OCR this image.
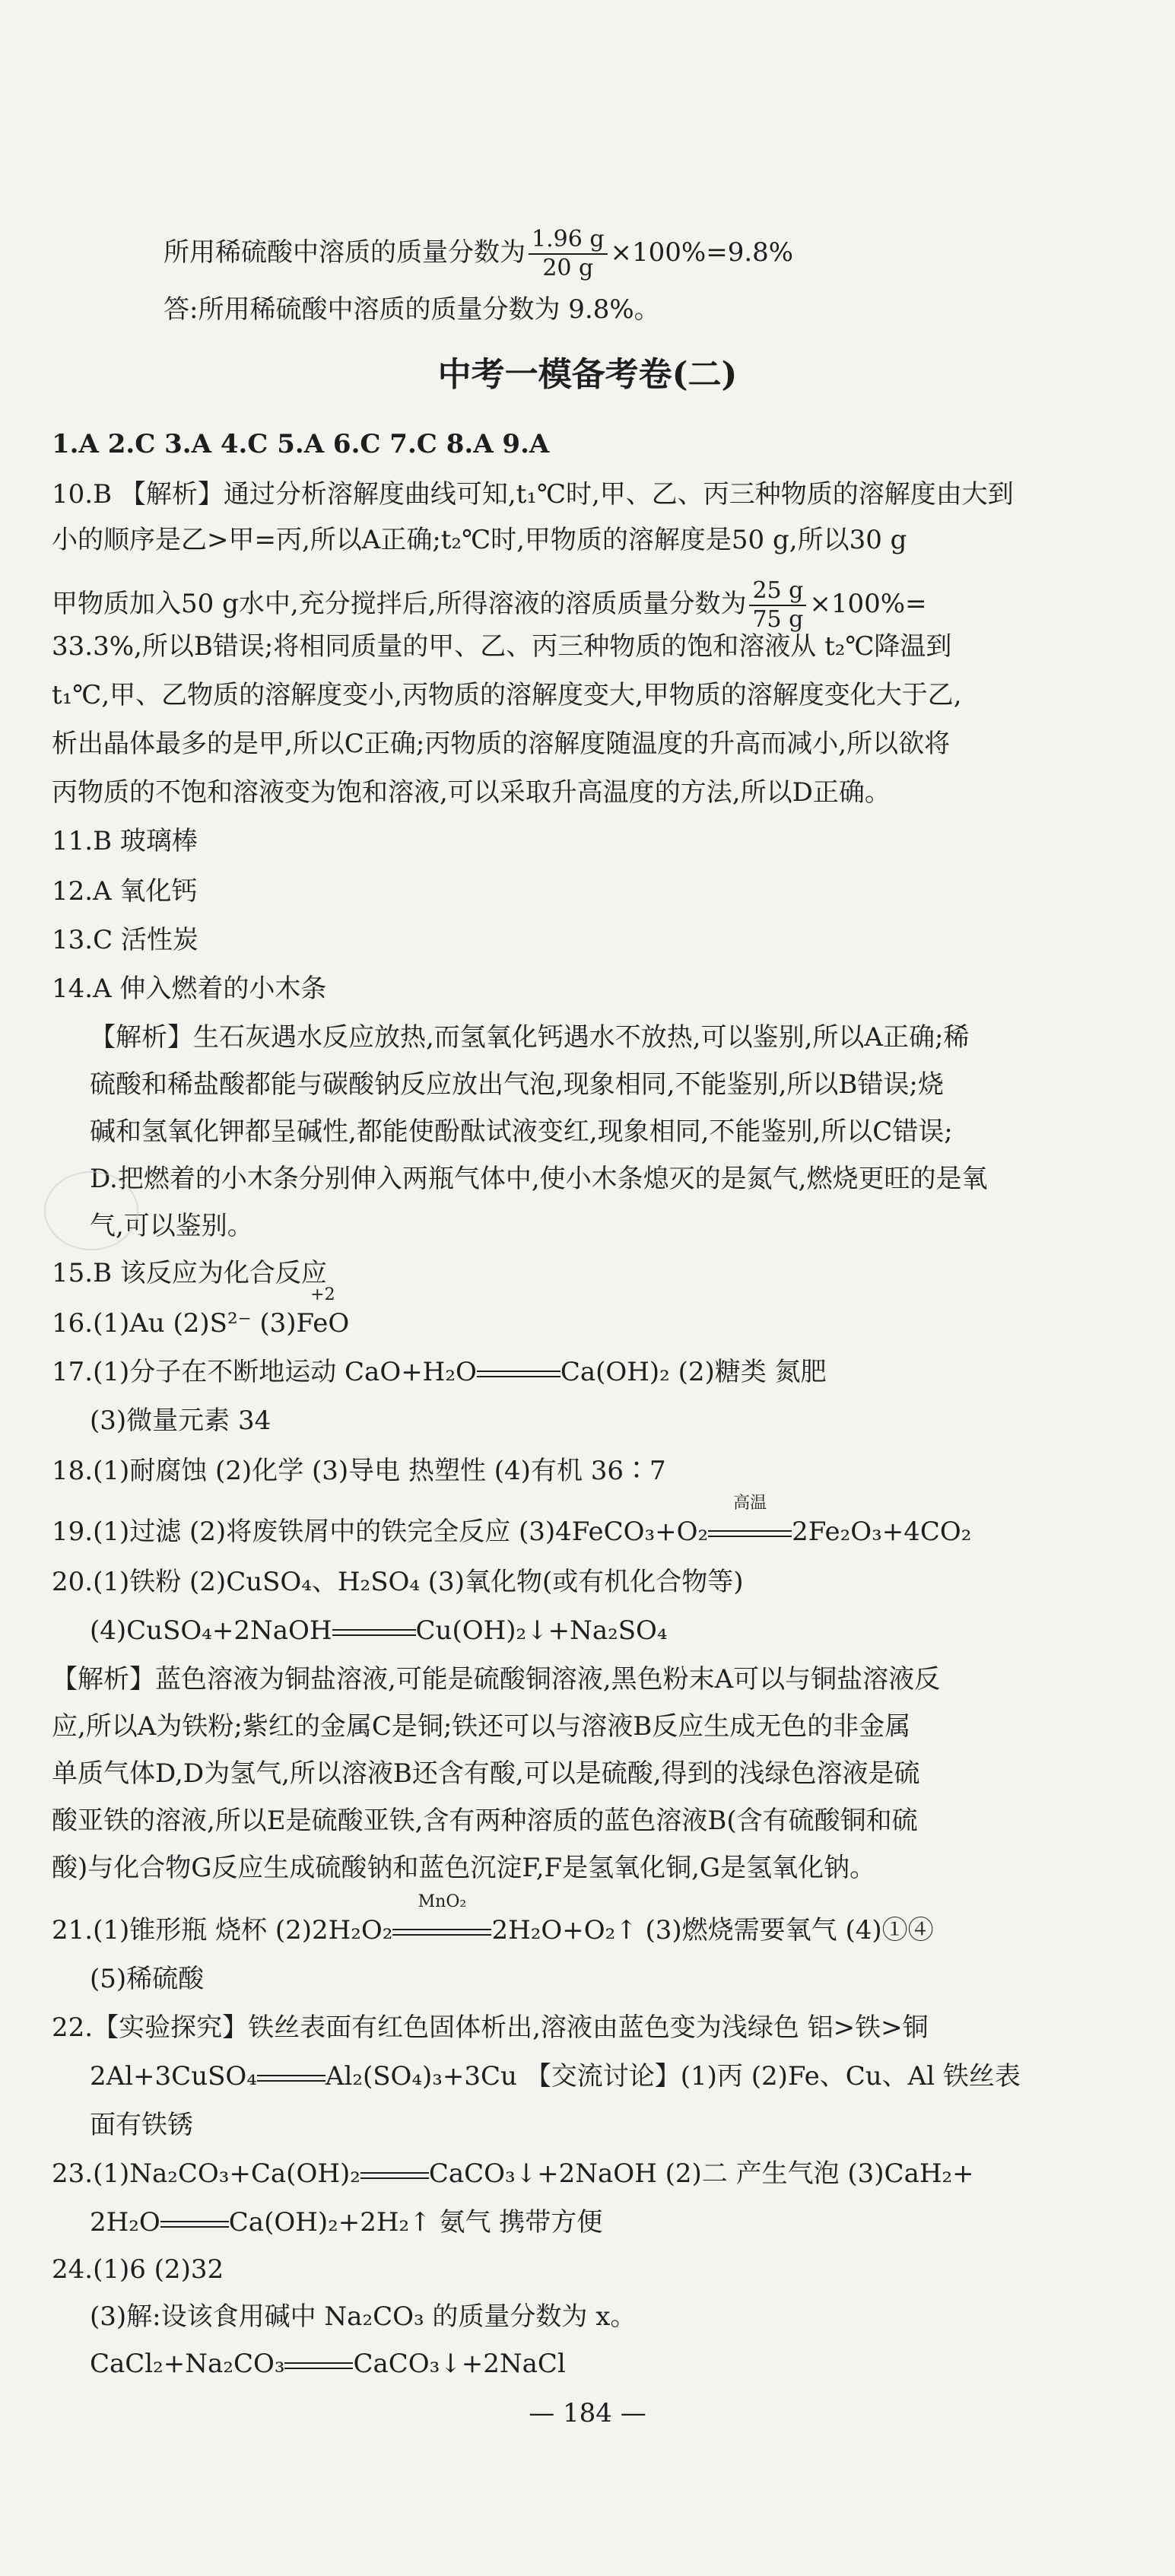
所用稀硫酸中溶质的质量分数为 $\frac{1.96 g}{20 g} \times 100\%=9.8\%$
答:所用稀硫酸中溶质的质量分数为 9.8%。
中考一模备考卷(二)
1.A 2.C 3.A 4.C 5.A 6.C 7.C 8.A 9.A
10.B 【解析】通过分析溶解度曲线可知,t₁℃时,甲、乙、丙三种物质的溶解度由大到
小的顺序是乙>甲=丙,所以A正确;t₂℃时,甲物质的溶解度是50 g,所以30 g
甲物质加入50 g水中,充分搅拌后,所得溶液的溶质质量分数为 $\frac{25 g}{75 g} \times 100\%=$
33.3%,所以B错误;将相同质量的甲、乙、丙三种物质的饱和溶液从 t₂℃降温到
t₁℃,甲、乙物质的溶解度变小,丙物质的溶解度变大,甲物质的溶解度变化大于乙,
析出晶体最多的是甲,所以C正确;丙物质的溶解度随温度的升高而减小,所以欲将
丙物质的不饱和溶液变为饱和溶液,可以采取升高温度的方法,所以D正确。
11.B 玻璃棒
12.A 氧化钙
13.C 活性炭
14.A 伸入燃着的小木条
【解析】生石灰遇水反应放热,而氢氧化钙遇水不放热,可以鉴别,所以A正确;稀
硫酸和稀盐酸都能与碳酸钠反应放出气泡,现象相同,不能鉴别,所以B错误;烧
碱和氢氧化钾都呈碱性,都能使酚酞试液变红,现象相同,不能鉴别,所以C错误;
D.把燃着的小木条分别伸入两瓶气体中,使小木条熄灭的是氮气,燃烧更旺的是氧
气,可以鉴别。
15.B 该反应为化合反应
16.(1)Au (2)S²⁻ (3)
+2
FeO
17.(1)分子在不断地运动 CaO+H₂O	Ca(OH)₂ (2)糖类 氮肥
(3)微量元素 34
18.(1)耐腐蚀 (2)化学 (3)导电 热塑性 (4)有机 36∶7
19.(1)过滤 (2)将废铁屑中的铁完全反应 (3)4FeCO₃+O₂
高温
2Fe₂O₃+4CO₂
20.(1)铁粉 (2)CuSO₄、H₂SO₄ (3)氧化物(或有机化合物等)
(4)CuSO₄+2NaOH	Cu(OH)₂↓+Na₂SO₄
【解析】蓝色溶液为铜盐溶液,可能是硫酸铜溶液,黑色粉末A可以与铜盐溶液反
应,所以A为铁粉;紫红的金属C是铜;铁还可以与溶液B反应生成无色的非金属
单质气体D,D为氢气,所以溶液B还含有酸,可以是硫酸,得到的浅绿色溶液是硫
酸亚铁的溶液,所以E是硫酸亚铁,含有两种溶质的蓝色溶液B(含有硫酸铜和硫
酸)与化合物G反应生成硫酸钠和蓝色沉淀F,F是氢氧化铜,G是氢氧化钠。
21.(1)锥形瓶 烧杯 (2)2H₂O₂
MnO₂
2H₂O+O₂↑ (3)燃烧需要氧气 (4)①④
(5)稀硫酸
22.【实验探究】铁丝表面有红色固体析出,溶液由蓝色变为浅绿色 铝>铁>铜
2Al+3CuSO₄	Al₂(SO₄)₃+3Cu 【交流讨论】(1)丙 (2)Fe、Cu、Al 铁丝表
面有铁锈
23.(1)Na₂CO₃+Ca(OH)₂	CaCO₃↓+2NaOH (2)二 产生气泡 (3)CaH₂+
2H₂O	Ca(OH)₂+2H₂↑ 氨气 携带方便
24.(1)6 (2)32
(3)解:设该食用碱中 Na₂CO₃ 的质量分数为 x。
CaCl₂+Na₂CO₃	CaCO₃↓+2NaCl
— 184 —
